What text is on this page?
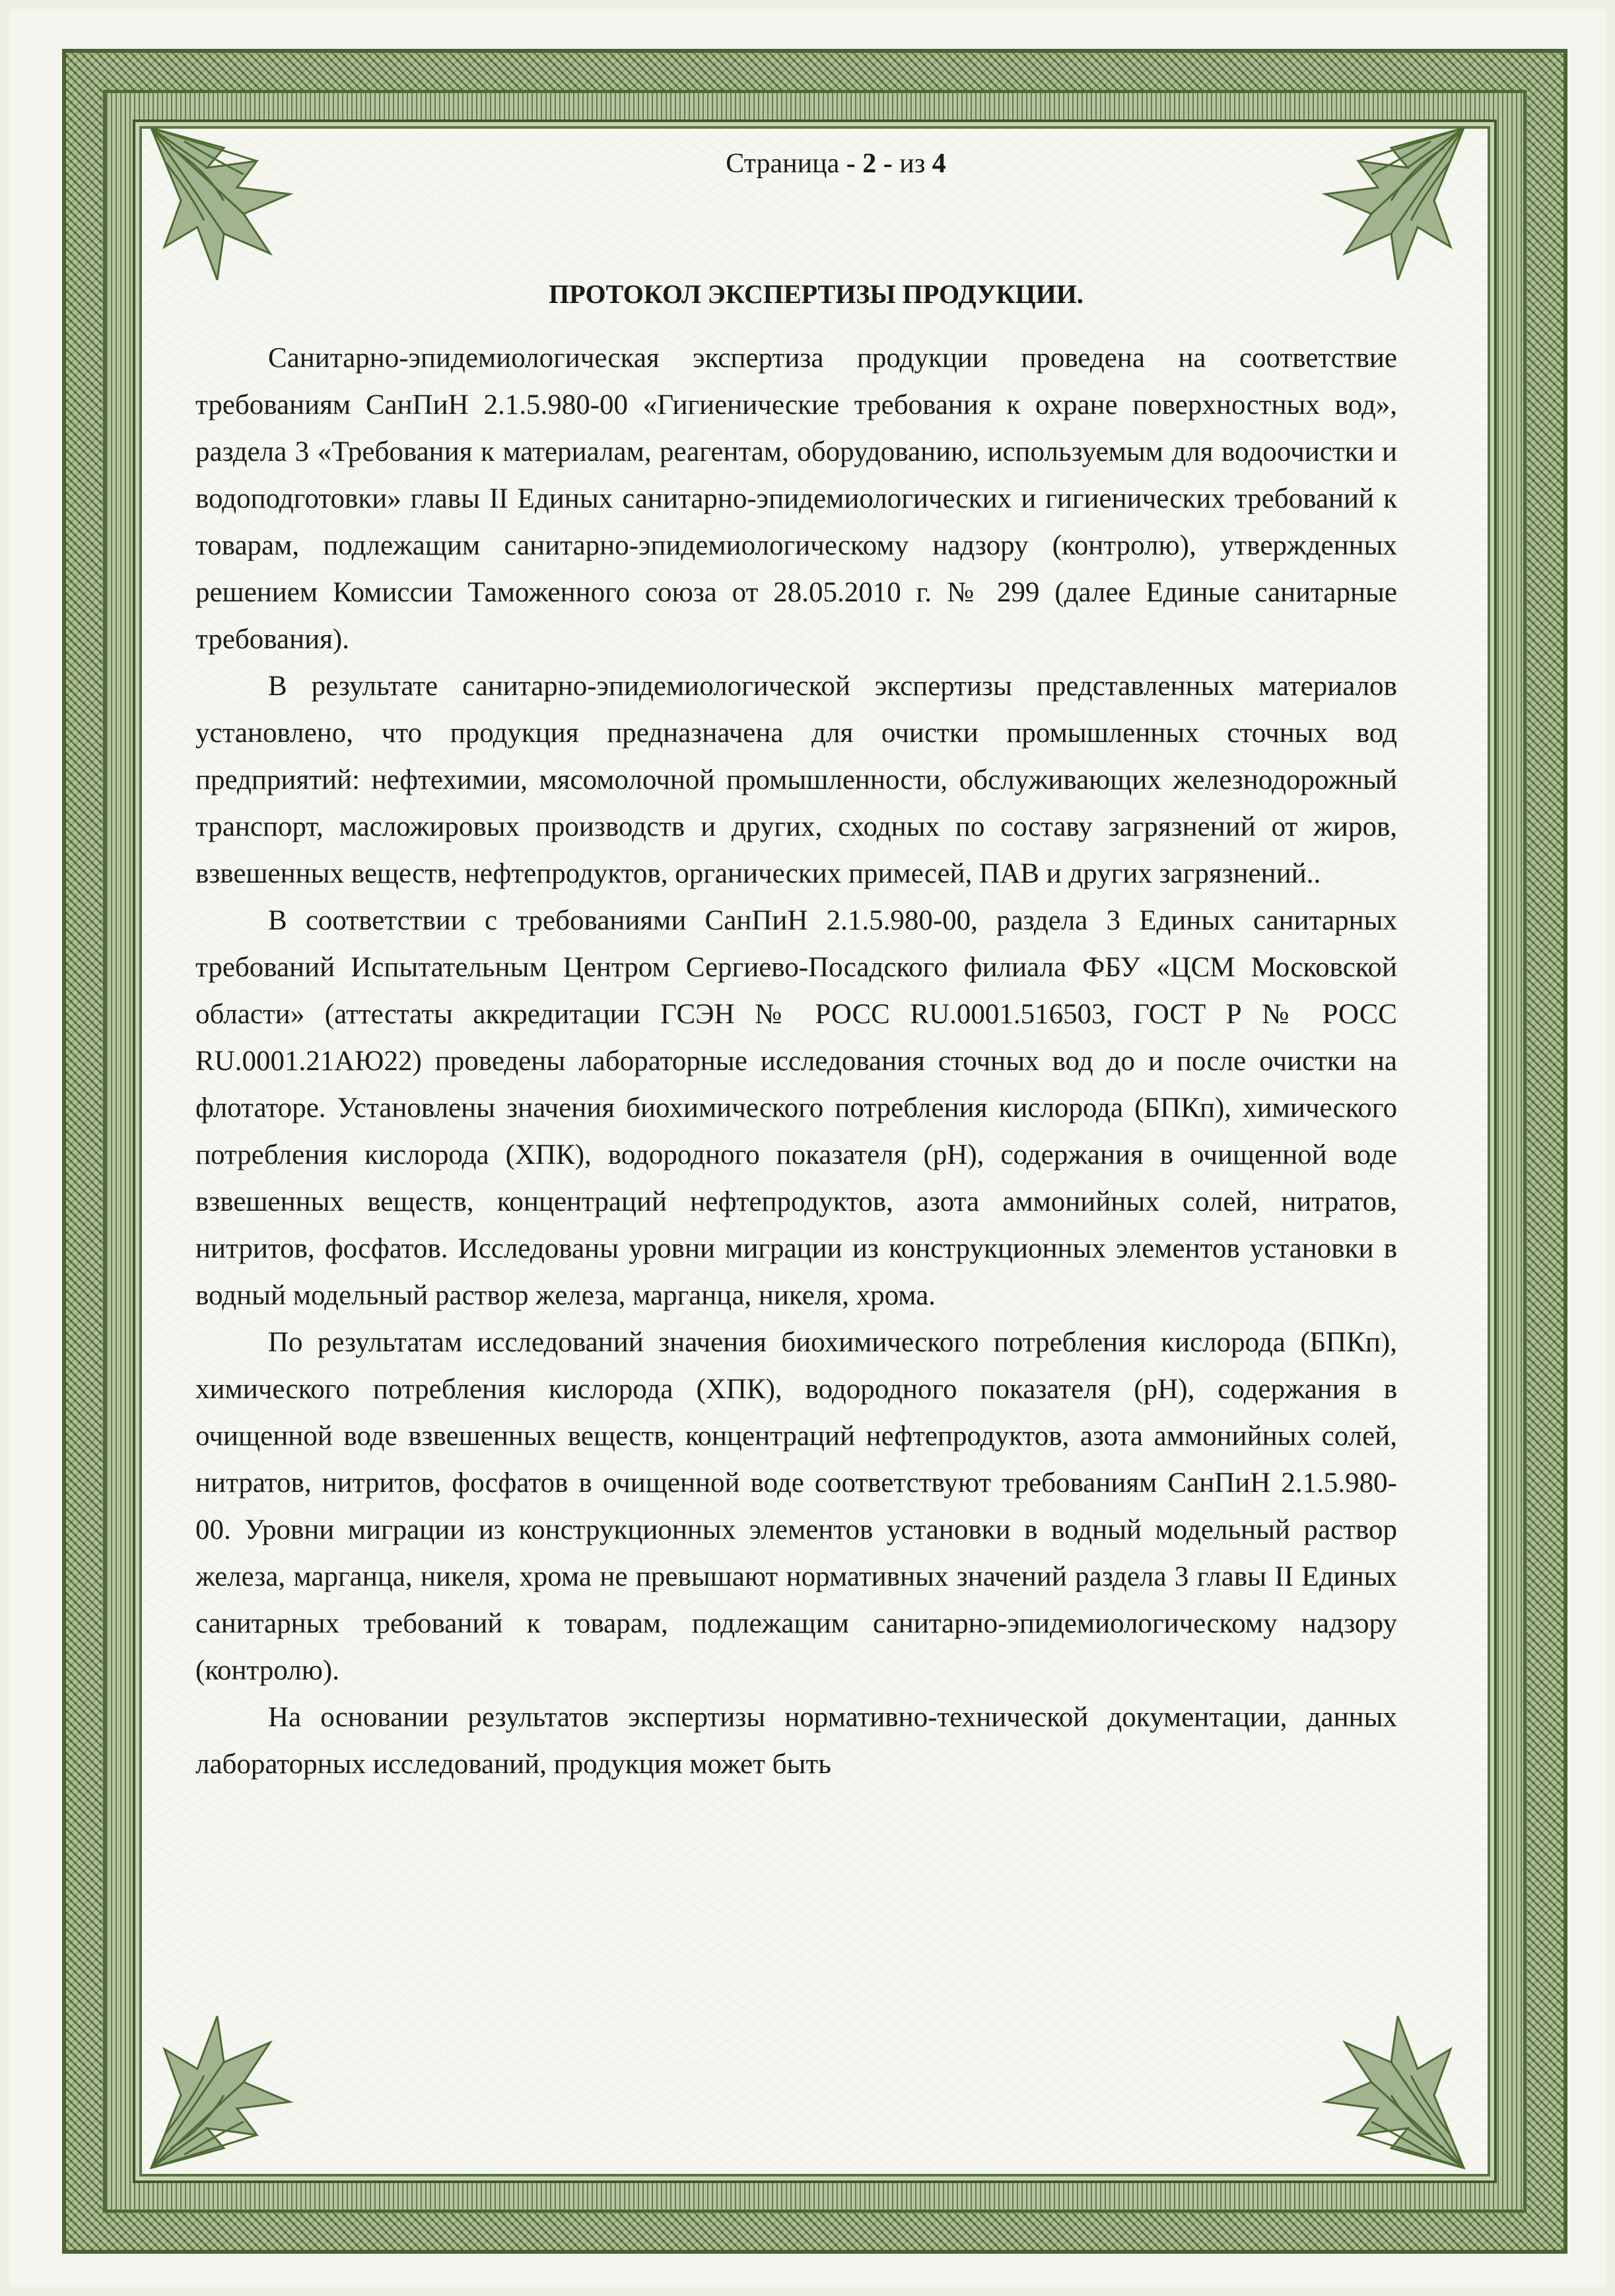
Страница - 2 - из 4
ПРОТОКОЛ ЭКСПЕРТИЗЫ ПРОДУКЦИИ.

Санитарно-эпидемиологическая экспертиза продукции проведена на соответствие требованиям СанПиН 2.1.5.980-00 «Гигиенические требования к охране поверхностных вод», раздела 3 «Требования к материалам, реагентам, оборудованию, используемым для водоочистки и водоподготовки» главы II Единых санитарно-эпидемиологических и гигиенических требований к товарам, подлежащим санитарно-эпидемиологическому надзору (контролю), утвержденных решением Комиссии Таможенного союза от 28.05.2010 г. № 299 (далее Единые санитарные требования).

В результате санитарно-эпидемиологической экспертизы представленных материалов установлено, что продукция предназначена для очистки промышленных сточных вод предприятий: нефтехимии, мясомолочной промышленности, обслуживающих железнодорожный транспорт, масложировых производств и других, сходных по составу загрязнений от жиров, взвешенных веществ, нефтепродуктов, органических примесей, ПАВ и других загрязнений..

В соответствии с требованиями СанПиН 2.1.5.980-00, раздела 3 Единых санитарных требований Испытательным Центром Сергиево-Посадского филиала ФБУ «ЦСМ Московской области» (аттестаты аккредитации ГСЭН № РОСС RU.0001.516503, ГОСТ Р № РОСС RU.0001.21АЮ22) проведены лабораторные исследования сточных вод до и после очистки на флотаторе. Установлены значения биохимического потребления кислорода (БПКп), химического потребления кислорода (ХПК), водородного показателя (pH), содержания в очищенной воде взвешенных веществ, концентраций нефтепродуктов, азота аммонийных солей, нитратов, нитритов, фосфатов. Исследованы уровни миграции из конструкционных элементов установки в водный модельный раствор железа, марганца, никеля, хрома.

По результатам исследований значения биохимического потребления кислорода (БПКп), химического потребления кислорода (ХПК), водородного показателя (pH), содержания в очищенной воде взвешенных веществ, концентраций нефтепродуктов, азота аммонийных солей, нитратов, нитритов, фосфатов в очищенной воде соответствуют требованиям СанПиН 2.1.5.980-00. Уровни миграции из конструкционных элементов установки в водный модельный раствор железа, марганца, никеля, хрома не превышают нормативных значений раздела 3 главы II Единых санитарных требований к товарам, подлежащим санитарно-эпидемиологическому надзору (контролю).

На основании результатов экспертизы нормативно-технической документации, данных лабораторных исследований, продукция может быть
